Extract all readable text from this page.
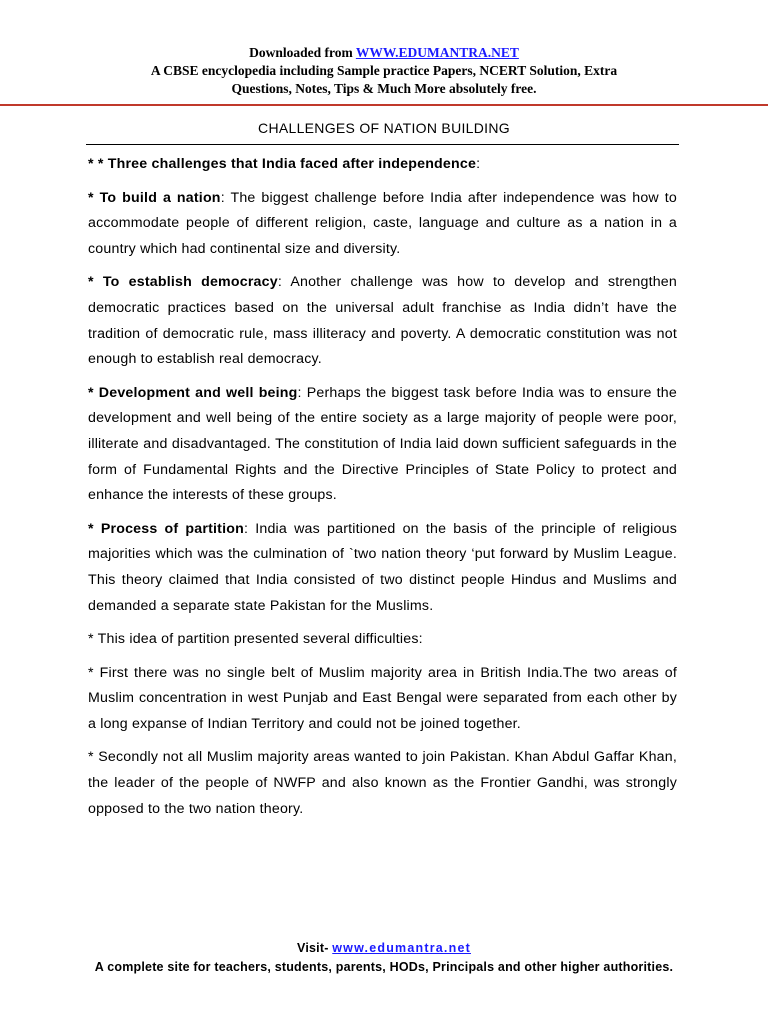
Downloaded from WWW.EDUMANTRA.NET
A CBSE encyclopedia including Sample practice Papers, NCERT Solution, Extra
Questions, Notes, Tips & Much More absolutely free.
CHALLENGES OF NATION BUILDING

* * Three challenges that India faced after independence:

* To build a nation: The biggest challenge before India after independence was how to accommodate people of different religion, caste, language and culture as a nation in a country which had continental size and diversity.

* To establish democracy: Another challenge was how to develop and strengthen democratic practices based on the universal adult franchise as India didn’t have the tradition of democratic rule, mass illiteracy and poverty. A democratic constitution was not enough to establish real democracy.

* Development and well being: Perhaps the biggest task before India was to ensure the development and well being of the entire society as a large majority of people were poor, illiterate and disadvantaged. The constitution of India laid down sufficient safeguards in the form of Fundamental Rights and the Directive Principles of State Policy to protect and enhance the interests of these groups.

* Process of partition: India was partitioned on the basis of the principle of religious majorities which was the culmination of `two nation theory ‘put forward by Muslim League. This theory claimed that India consisted of two distinct people Hindus and Muslims and demanded a separate state Pakistan for the Muslims.

* This idea of partition presented several difficulties:

* First there was no single belt of Muslim majority area in British India.The two areas of Muslim concentration in west Punjab and East Bengal were separated from each other by a long expanse of Indian Territory and could not be joined together.

* Secondly not all Muslim majority areas wanted to join Pakistan. Khan Abdul Gaffar Khan, the leader of the people of NWFP and also known as the Frontier Gandhi, was strongly opposed to the two nation theory.

Visit- www.edumantra.net
A complete site for teachers, students, parents, HODs, Principals and other higher authorities.
